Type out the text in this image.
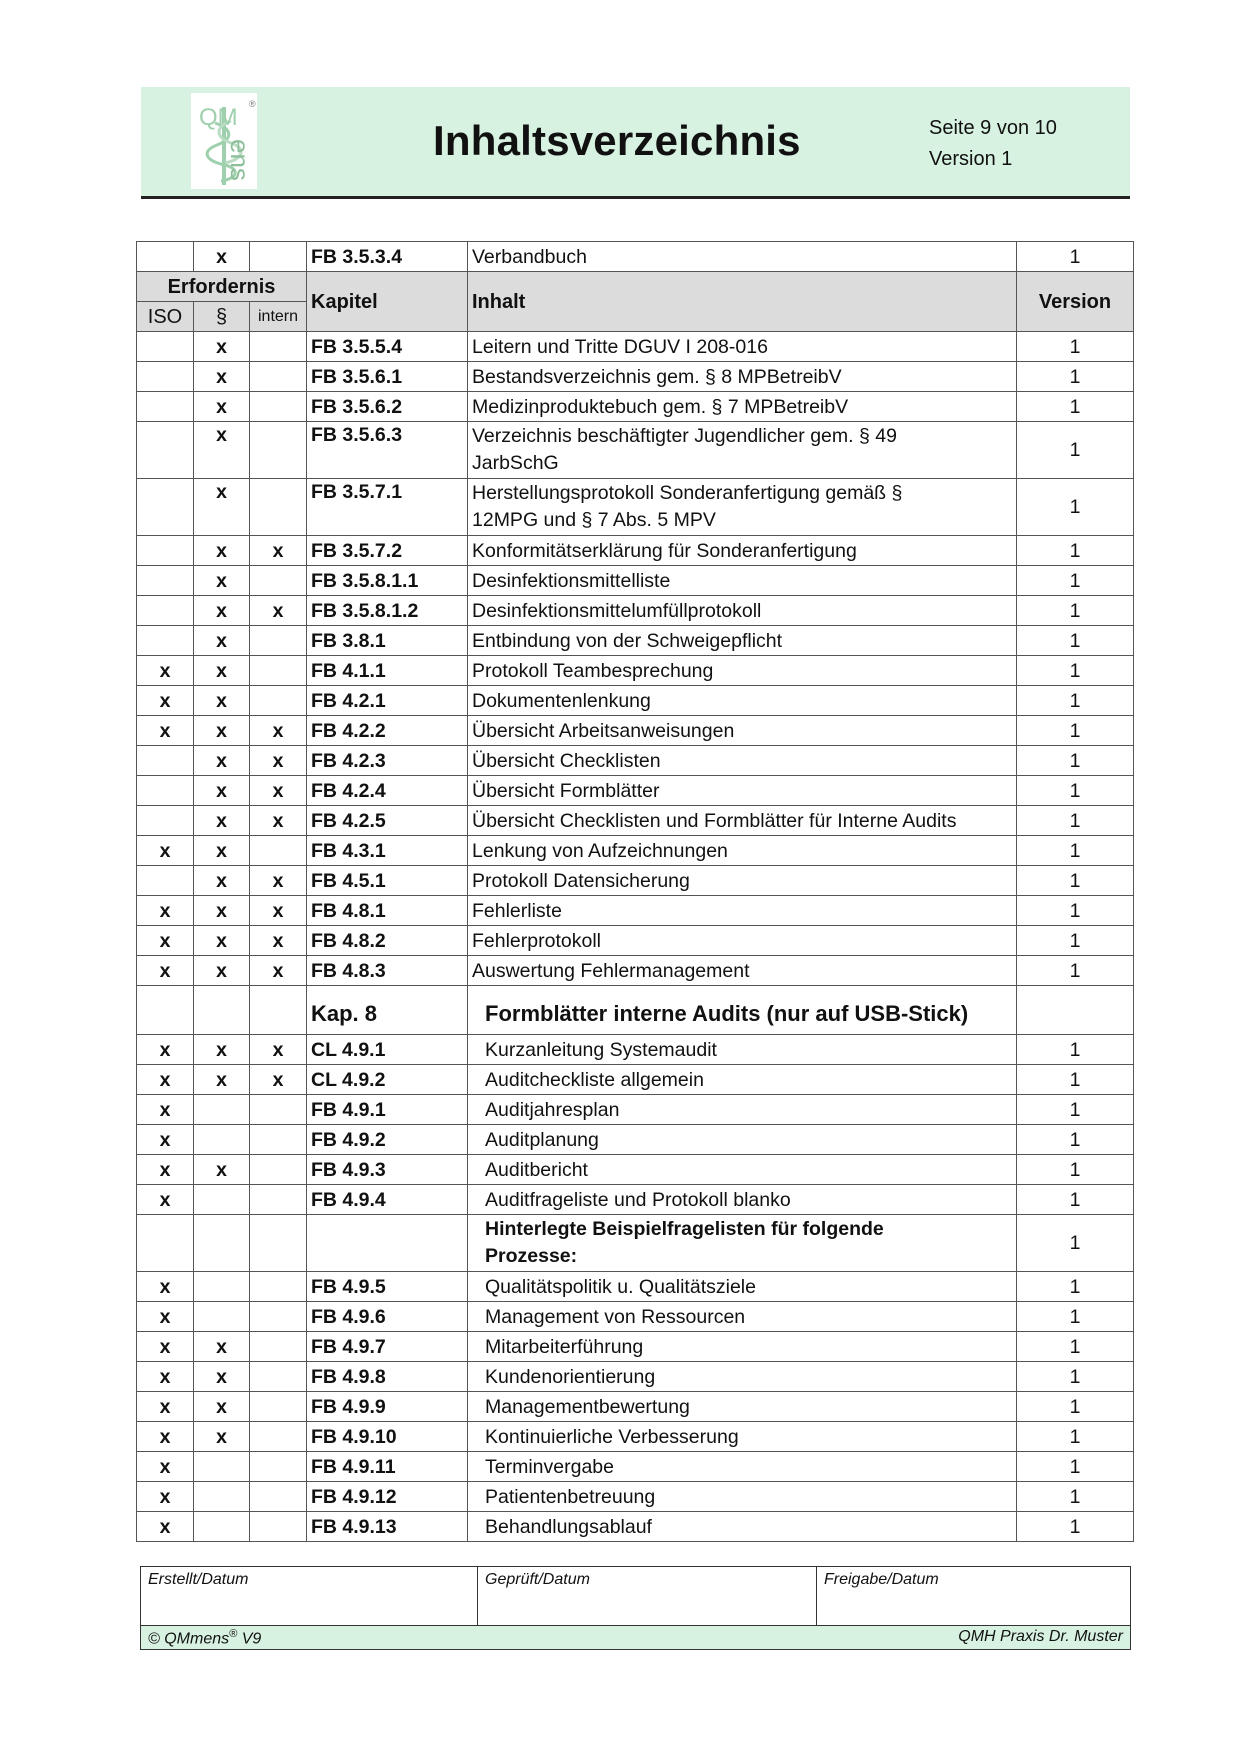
QM ®
ens	Inhaltsverzeichnis	Seite 9 von 10
Version 1
	x		FB 3.5.3.4	Verbandbuch	1
Erfordernis			Kapitel	Inhalt	Version
ISO	§	intern			
	x		FB 3.5.5.4	Leitern und Tritte DGUV I 208-016	1
	x		FB 3.5.6.1	Bestandsverzeichnis gem. § 8 MPBetreibV	1
	x		FB 3.5.6.2	Medizinproduktebuch gem. § 7 MPBetreibV	1
	x		FB 3.5.6.3	Verzeichnis beschäftigter Jugendlicher gem. § 49
JarbSchG	1
	x		FB 3.5.7.1	Herstellungsprotokoll Sonderanfertigung gemäß §
12MPG und § 7 Abs. 5 MPV	1
	x	x	FB 3.5.7.2	Konformitätserklärung für Sonderanfertigung	1
	x		FB 3.5.8.1.1	Desinfektionsmittelliste	1
	x	x	FB 3.5.8.1.2	Desinfektionsmittelumfüllprotokoll	1
	x		FB 3.8.1	Entbindung von der Schweigepflicht	1
x	x		FB 4.1.1	Protokoll Teambesprechung	1
x	x		FB 4.2.1	Dokumentenlenkung	1
x	x	x	FB 4.2.2	Übersicht Arbeitsanweisungen	1
	x	x	FB 4.2.3	Übersicht Checklisten	1
	x	x	FB 4.2.4	Übersicht Formblätter	1
	x	x	FB 4.2.5	Übersicht Checklisten und Formblätter für Interne Audits	1
x	x		FB 4.3.1	Lenkung von Aufzeichnungen	1
	x	x	FB 4.5.1	Protokoll Datensicherung	1
x	x	x	FB 4.8.1	Fehlerliste	1
x	x	x	FB 4.8.2	Fehlerprotokoll	1
x	x	x	FB 4.8.3	Auswertung Fehlermanagement	1
			Kap. 8	Formblätter interne Audits (nur auf USB-Stick)	
x	x	x	CL 4.9.1	Kurzanleitung Systemaudit	1
x	x	x	CL 4.9.2	Auditcheckliste allgemein	1
x			FB 4.9.1	Auditjahresplan	1
x			FB 4.9.2	Auditplanung	1
x	x		FB 4.9.3	Auditbericht	1
x			FB 4.9.4	Auditfrageliste und Protokoll blanko	1

				Hinterlegte Beispielfragelisten für folgende
Prozesse:	1
x			FB 4.9.5	Qualitätspolitik u. Qualitätsziele	1
x			FB 4.9.6	Management von Ressourcen	1
x	x		FB 4.9.7	Mitarbeiterführung	1
x	x		FB 4.9.8	Kundenorientierung	1
x	x		FB 4.9.9	Managementbewertung	1
x	x		FB 4.9.10	Kontinuierliche Verbesserung	1
x			FB 4.9.11	Terminvergabe	1
x			FB 4.9.12	Patientenbetreuung	1
x			FB 4.9.13	Behandlungsablauf	1
Erstellt/Datum	Geprüft/Datum	Freigabe/Datum
© QMmens® V9	QMH Praxis Dr. Muster
